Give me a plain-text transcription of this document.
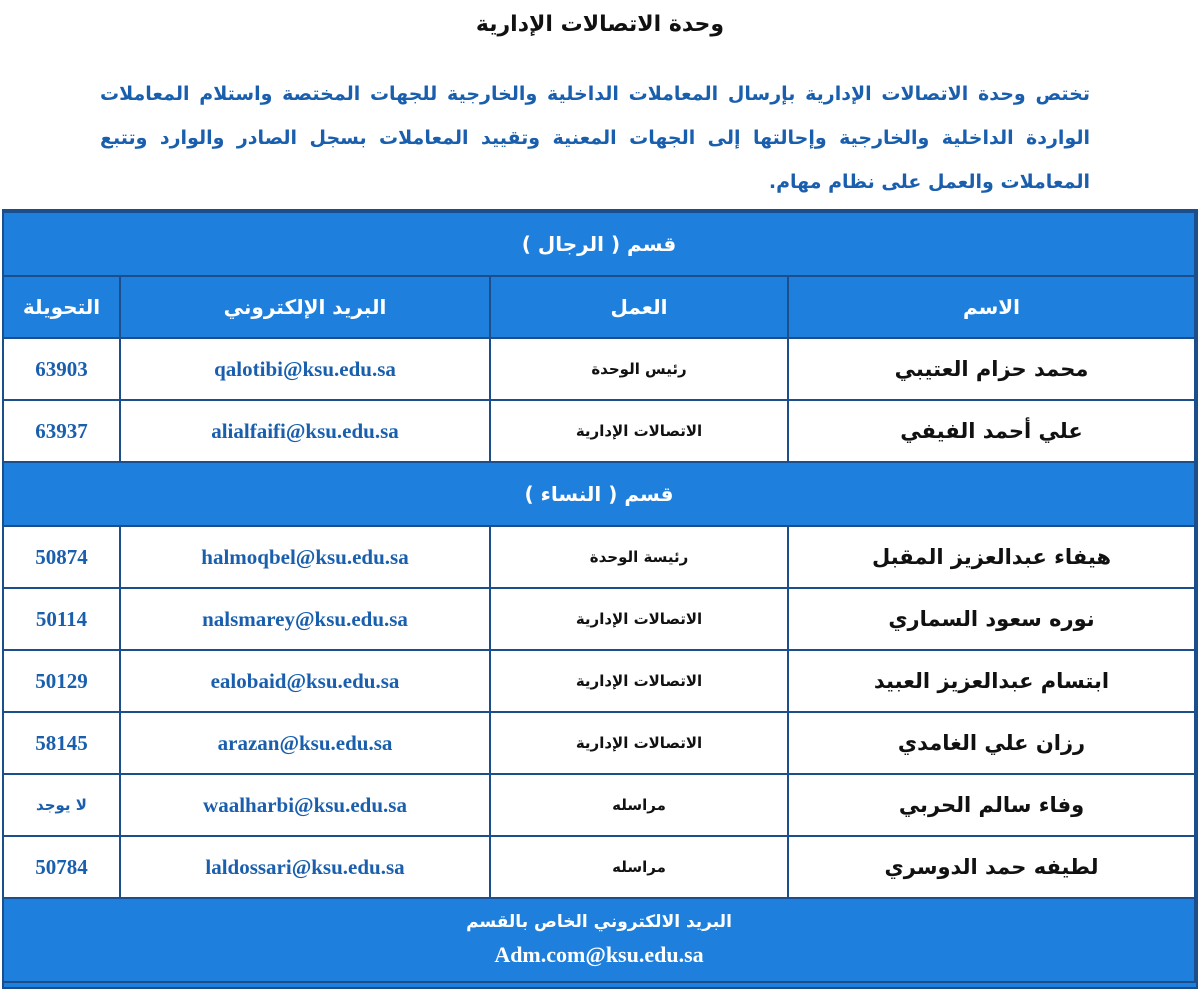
وحدة الاتصالات الإدارية

تختص وحدة الاتصالات الإدارية بإرسال المعاملات الداخلية والخارجية للجهات المختصة واستلام المعاملات الواردة الداخلية والخارجية وإحالتها إلى الجهات المعنية وتقييد المعاملات بسجل الصادر والوارد وتتبع المعاملات والعمل على نظام مهام.

قسم ( الرجال )			
الاسم	العمل	البريد الإلكتروني	التحويلة
محمد حزام العتيبي	رئيس الوحدة	qalotibi@ksu.edu.sa	63903
علي أحمد الفيفي	الاتصالات الإدارية	alialfaifi@ksu.edu.sa	63937
قسم ( النساء )			
هيفاء عبدالعزيز المقبل	رئيسة الوحدة	halmoqbel@ksu.edu.sa	50874
نوره سعود السماري	الاتصالات الإدارية	nalsmarey@ksu.edu.sa	50114
ابتسام عبدالعزيز العبيد	الاتصالات الإدارية	ealobaid@ksu.edu.sa	50129
رزان علي الغامدي	الاتصالات الإدارية	arazan@ksu.edu.sa	58145
وفاء سالم الحربي	مراسله	waalharbi@ksu.edu.sa	لا يوجد
لطيفه حمد الدوسري	مراسله	laldossari@ksu.edu.sa	50784

البريد الالكتروني الخاص بالقسم
Adm.com@ksu.edu.sa			
